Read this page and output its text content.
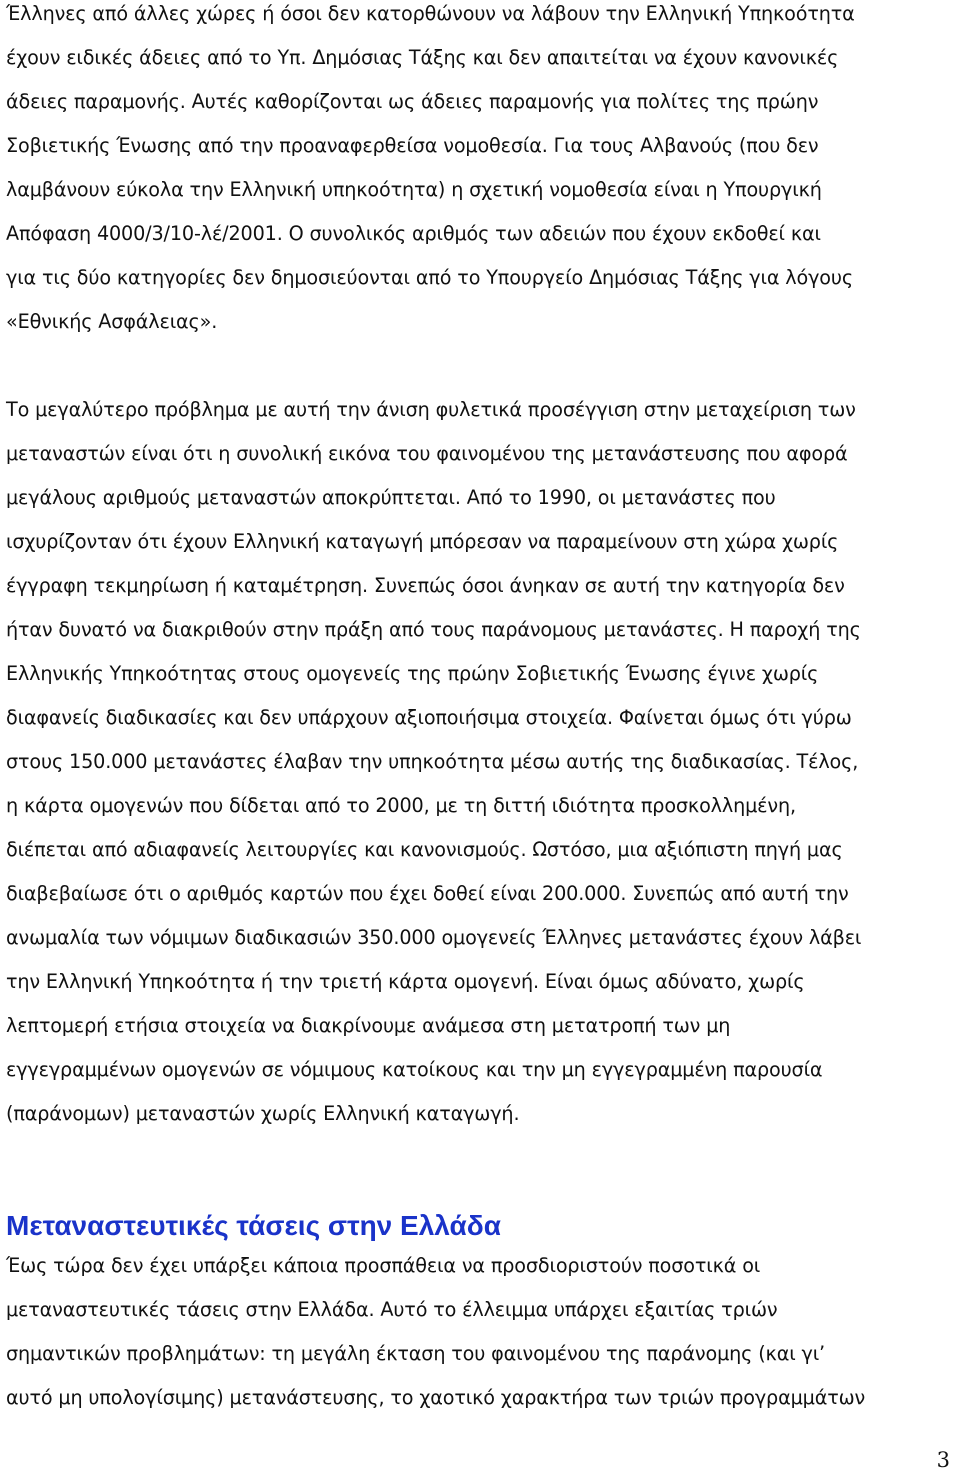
Έλληνες από άλλες χώρες ή όσοι δεν κατορθώνουν να λάβουν την Ελληνική Υπηκοότητα
έχουν ειδικές άδειες από το Υπ. Δημόσιας Τάξης και δεν απαιτείται να έχουν κανονικές
άδειες παραμονής. Αυτές καθορίζονται ως άδειες παραμονής για πολίτες της πρώην
Σοβιετικής Ένωσης από την προαναφερθείσα νομοθεσία. Για τους Αλβανούς (που δεν
λαμβάνουν εύκολα την Ελληνική υπηκοότητα) η σχετική νομοθεσία είναι η Υπουργική
Απόφαση 4000/3/10-λέ/2001. Ο συνολικός αριθμός των αδειών που έχουν εκδοθεί και
για τις δύο κατηγορίες δεν δημοσιεύονται από το Υπουργείο Δημόσιας Τάξης για λόγους
«Εθνικής Ασφάλειας».
Το μεγαλύτερο πρόβλημα με αυτή την άνιση φυλετικά προσέγγιση στην μεταχείριση των
μεταναστών είναι ότι η συνολική εικόνα του φαινομένου της μετανάστευσης που αφορά
μεγάλους αριθμούς μεταναστών αποκρύπτεται. Από το 1990, οι μετανάστες που
ισχυρίζονταν ότι έχουν Ελληνική καταγωγή μπόρεσαν να παραμείνουν στη χώρα χωρίς
έγγραφη τεκμηρίωση ή καταμέτρηση. Συνεπώς όσοι άνηκαν σε αυτή την κατηγορία δεν
ήταν δυνατό να διακριθούν στην πράξη από τους παράνομους μετανάστες. Η παροχή της
Ελληνικής Υπηκοότητας στους ομογενείς της πρώην Σοβιετικής Ένωσης έγινε χωρίς
διαφανείς διαδικασίες και δεν υπάρχουν αξιοποιήσιμα στοιχεία. Φαίνεται όμως ότι γύρω
στους 150.000 μετανάστες έλαβαν την υπηκοότητα μέσω αυτής της διαδικασίας. Τέλος,
η κάρτα ομογενών που δίδεται από το 2000, με τη διττή ιδιότητα προσκολλημένη,
διέπεται από αδιαφανείς λειτουργίες και κανονισμούς. Ωστόσο, μια αξιόπιστη πηγή μας
διαβεβαίωσε ότι ο αριθμός καρτών που έχει δοθεί είναι 200.000. Συνεπώς από αυτή την
ανωμαλία των νόμιμων διαδικασιών 350.000 ομογενείς Έλληνες μετανάστες έχουν λάβει
την Ελληνική Υπηκοότητα ή την τριετή κάρτα ομογενή. Είναι όμως αδύνατο, χωρίς
λεπτομερή ετήσια στοιχεία να διακρίνουμε ανάμεσα στη μετατροπή των μη
εγγεγραμμένων ομογενών σε νόμιμους κατοίκους και την μη εγγεγραμμένη παρουσία
(παράνομων) μεταναστών χωρίς Ελληνική καταγωγή.
Μεταναστευτικές τάσεις στην Ελλάδα
Έως τώρα δεν έχει υπάρξει κάποια προσπάθεια να προσδιοριστούν ποσοτικά οι
μεταναστευτικές τάσεις στην Ελλάδα. Αυτό το έλλειμμα υπάρχει εξαιτίας τριών
σημαντικών προβλημάτων: τη μεγάλη έκταση του φαινομένου της παράνομης (και γι’
αυτό μη υπολογίσιμης) μετανάστευσης, το χαοτικό χαρακτήρα των τριών προγραμμάτων
3
